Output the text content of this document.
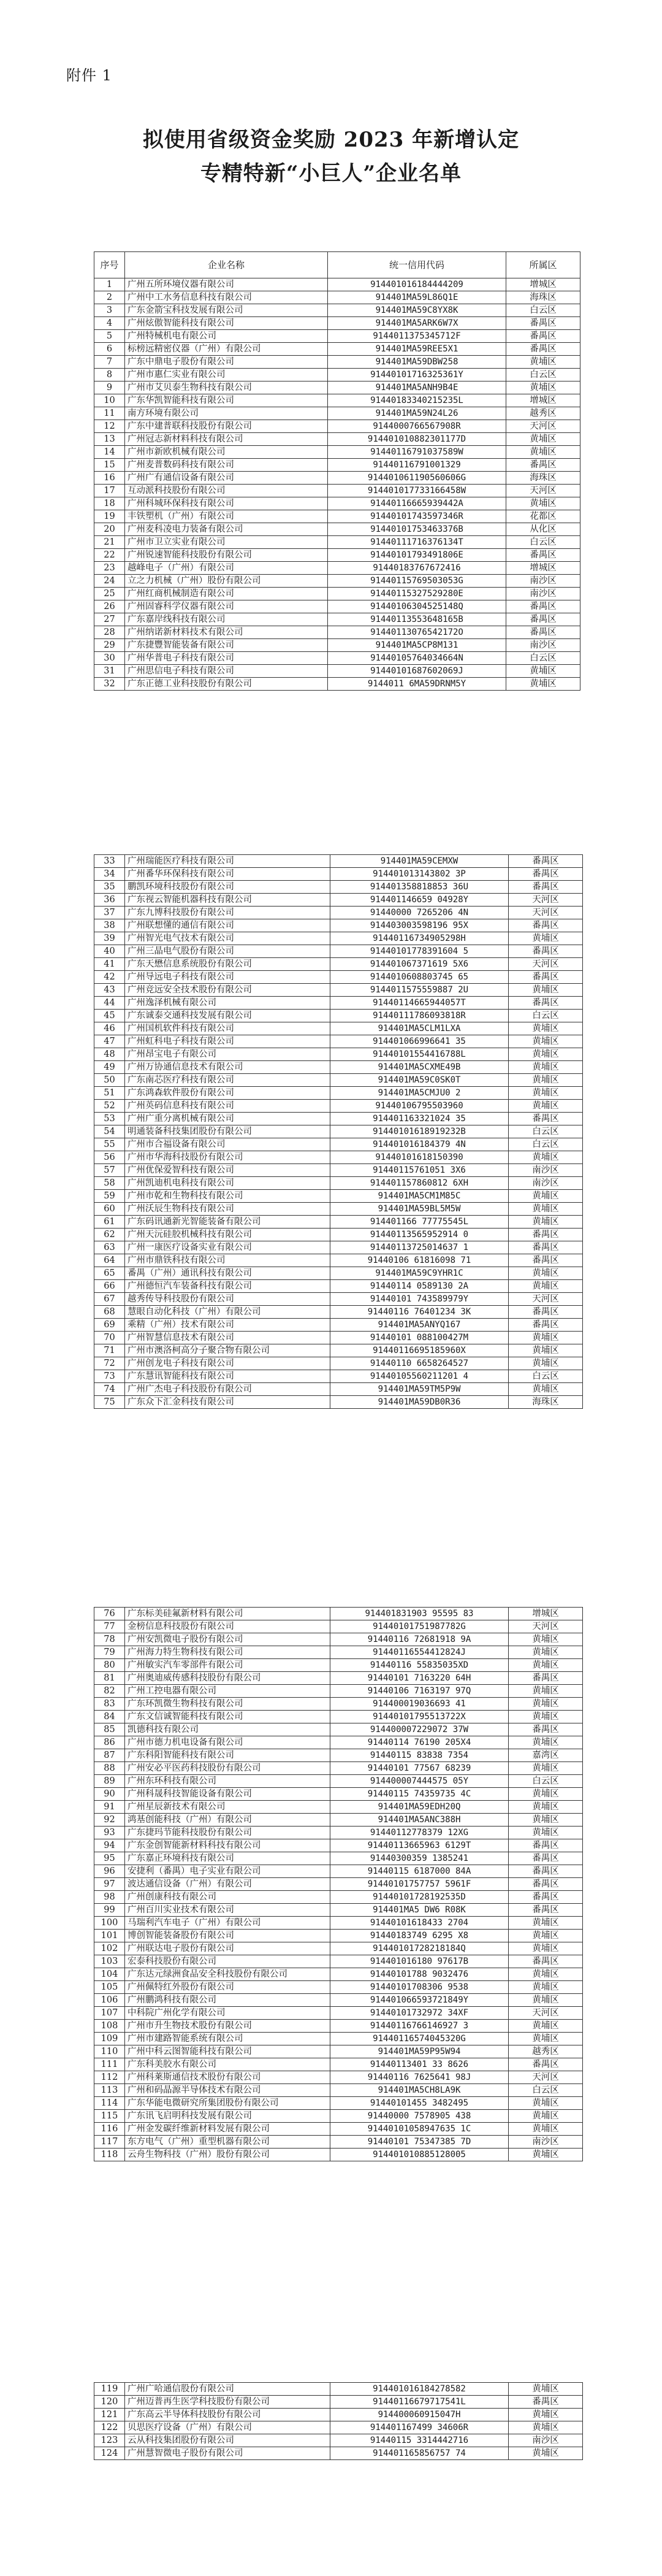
附件 1
拟使用省级资金奖励 2023 年新增认定
专精特新“小巨人”企业名单
序号	企业名称	统一信用代码	所属区
1	广州五所环境仪器有限公司	914401016184444209	增城区
2	广州中工水务信息科技有限公司	914401MA59L86Q1E	海珠区
3	广东金箭宝科技发展有限公司	914401MA59C8YX8K	白云区
4	广州炫傲智能科技有限公司	914401MA5ARK6W7X	番禺区
5	广州特械机电有限公司	9144011375345712F	番禺区
6	标榜远精密仪器（广州）有限公司	914401MA59REE5X1	番禺区
7	广东中鼎电子股份有限公司	914401MA59DBW258	黄埔区
8	广州市惠仁实业有限公司	91440101716325361Y	白云区
9	广州市艾贝泰生物科技有限公司	914401MA5ANH9B4E	黄埔区
10	广东华凯智能科技有限公司	91440183340215235L	增城区
11	南方环境有限公司	914401MA59N24L26	越秀区
12	广东中建普联科技股份有限公司	9144000766567908R	天河区
13	广州冠志新材料科技有限公司	914401010882301177D	黄埔区
14	广州市新欧机械有限公司	91440116791037589W	黄埔区
15	广州麦普数码科技有限公司	91440116791001329	番禺区
16	广州广有通信设备有限公司	914401061190560606G	海珠区
17	互动派科技股份有限公司	914401017733166458W	天河区
18	广州科城环保科技有限公司	91440116665939442A	黄埔区
19	丰铁塑机（广州）有限公司	91440101743597346R	花都区
20	广州麦科凌电力装备有限公司	91440101753463376B	从化区
21	广州市卫立实业有限公司	91440111716376134T	白云区
22	广州锐速智能科技股份有限公司	91440101793491806E	番禺区
23	越峰电子（广州）有限公司	91440183767672416	增城区
24	立之力机械（广州）股份有限公司	91440115769503053G	南沙区
25	广州红商机械制造有限公司	91440115327529280E	南沙区
26	广州固睿科学仪器有限公司	91440106304525148Q	番禺区
27	广东嘉岸线科技有限公司	91440113553648165B	番禺区
28	广州纳诺新材料技术有限公司	91440113076542172O	番禺区
29	广东捷豐智能装备有限公司	914401MA5CP8M131	南沙区
30	广州华普电子科技有限公司	91440105764034664N	白云区
31	广州思信电子科技有限公司	91440101687602069J	黄埔区
32	广东正德工业科技股份有限公司	9144011 6MA59DRNM5Y	黄埔区
33	广州瑞能医疗科技有限公司	914401MA59CEMXW	番禺区
34	广州番华环保科技有限公司	914401013143802 3P	番禺区
35	鹏凯环境科技股份有限公司	914401358818853 36U	番禺区
36	广东视云智能机器科技有限公司	914401146659 04928Y	天河区
37	广东九博科技股份有限公司	91440000 7265206 4N	天河区
38	广州联想懂的通信有限公司	914403003598196 95X	番禺区
39	广州智光电气技术有限公司	91440116734905298H	黄埔区
40	广州三晶电气股份有限公司	91440101778391604 5	番禺区
41	广东天懋信息系统股份有限公司	914401067371619 5X6	天河区
42	广州导远电子科技有限公司	9144010608803745 65	番禺区
43	广州竞远安全技术股份有限公司	9144011575559887 2U	黄埔区
44	广州逸泽机械有限公司	91440114665944057T	番禺区
45	广东诚泰交通科技发展有限公司	91440111786093818R	白云区
46	广州国机软件科技有限公司	914401MA5CLM1LXA	黄埔区
47	广州虹科电子科技有限公司	914401066996641 35	黄埔区
48	广州昂宝电子有限公司	91440101554416788L	黄埔区
49	广州万协通信息技术有限公司	914401MA5CXME49B	黄埔区
50	广东南芯医疗科技有限公司	914401MA59C0SK0T	黄埔区
51	广东鸿森软件股份有限公司	914401MA5CMJU0 2	黄埔区
52	广州英码信息科技有限公司	91440106795503960	黄埔区
53	广州广重分离机械有限公司	914401163321024 35	番禺区
54	明通装备科技集团股份有限公司	91440101618919232B	白云区
55	广州市合福设备有限公司	914401016184379 4N	白云区
56	广州市华海科技股份有限公司	91440101618150390	黄埔区
57	广州优保爱智科技有限公司	91440115761051 3X6	南沙区
58	广州凯迪机电科技有限公司	914401157860812 6XH	南沙区
59	广州市乾和生物科技有限公司	914401MA5CM1M85C	黄埔区
60	广州沃辰生物科技有限公司	914401MA59BL5M5W	黄埔区
61	广东码讯通新光智能装备有限公司	914401166 77775545L	黄埔区
62	广州天沅硅胶机械科技有限公司	91440113565952914 0	番禺区
63	广州一康医疗设备实业有限公司	91440113725014637 1	番禺区
64	广州市鼎铁科技有限公司	91440106 61816098 71	番禺区
65	番禺（广州）通讯科技有限公司	914401MA59C9YHR1C	黄埔区
66	广州德恒汽车装备科技有限公司	91440114 0589130 2A	黄埔区
67	越秀传导科技股份有限公司	91440101 743589979Y	天河区
68	慧眼自动化科技（广州）有限公司	91440116 76401234 3K	番禺区
69	乘精（广州）技术有限公司	914401MA5ANYQ167	番禺区
70	广州智慧信息技术有限公司	91440101 088100427M	黄埔区
71	广州市澳洛柯高分子聚合物有限公司	91440116695185960X	黄埔区
72	广州创龙电子科技有限公司	91440110 6658264527	黄埔区
73	广东慧讯智能科技有限公司	91440105560211201 4	白云区
74	广州广杰电子科技股份有限公司	914401MA59TM5P9W	黄埔区
75	广东众下汇金科技有限公司	914401MA59DB0R36	海珠区
76	广东标美硅氟新材料有限公司	914401831903 95595 83	增城区
77	金榜信息科技股份有限公司	91440101751987782G	天河区
78	广州安凯微电子股份有限公司	91440116 72681918 9A	黄埔区
79	广州海力特生物科技有限公司	91440116554412824J	黄埔区
80	广州敏实汽车零部件有限公司	91440116 55835035XD	黄埔区
81	广州奥迪威传感科技股份有限公司	91440101 7163220 64H	番禺区
82	广州工控电器有限公司	91440106 7163197 97Q	黄埔区
83	广东环凯微生物科技有限公司	914400019036693 41	黄埔区
84	广东文信诚智能科技有限公司	91440101795513722X	黄埔区
85	凯德科技有限公司	914400007229072 37W	番禺区
86	广州市德力机电设备有限公司	91440114 76190 205X4	黄埔区
87	广东科阳智能科技有限公司	91440115 83838 7354	嘉湾区
88	广州安必平医药科技股份有限公司	91440101 77567 68239	黄埔区
89	广州东环科技有限公司	914400007444575 05Y	白云区
90	广州科晟科技智能设备有限公司	91440115 74359735 4C	黄埔区
91	广州星辰新技术有限公司	914401MA59EDH20Q	黄埔区
92	鸿基创能科技（广州）有限公司	914401MA5ANC388H	黄埔区
93	广东捷玛节能科技股份有限公司	91440112778379 12XG	黄埔区
94	广东金创智能新材料科技有限公司	91440113665963 6129T	番禺区
95	广东嘉正环境科技有限公司	91440300359 1385241	番禺区
96	安捷利（番禺）电子实业有限公司	91440115 6187000 84A	番禺区
97	波达通信设备（广州）有限公司	91440101757757 5961F	番禺区
98	广州创康科技有限公司	91440101728192535D	番禺区
99	广州百川实业技术有限公司	914401MA5 DW6 R08K	番禺区
100	马瑞利汽车电子（广州）有限公司	91440101618433 2704	黄埔区
101	博创智能装备股份有限公司	91440183749 6295 X8	黄埔区
102	广州联达电子股份有限公司	91440101728218184Q	黄埔区
103	宏泰科技股份有限公司	914401016180 97617B	番禺区
104	广东达元绿洲食品安全科技股份有限公司	91440101788 9032476	黄埔区
105	广州佩特红外股份有限公司	91440101708306 9538	黄埔区
106	广州鹏鸿科技有限公司	914401066593721849Y	黄埔区
107	中科院广州化学有限公司	91440101732972 34XF	天河区
108	广州市升生物技术股份有限公司	91440116766146927 3	黄埔区
109	广州市建路智能系统有限公司	91440116574045320G	黄埔区
110	广州中科云图智能科技有限公司	914401MA59P95W94	越秀区
111	广东科美胶水有限公司	91440113401 33 8626	番禺区
112	广州科莱斯通信技术股份有限公司	91440116 7625641 98J	天河区
113	广州和码晶源半导体技术有限公司	914401MA5CH8LA9K	白云区
114	广东华能电微研究所集团股份有限公司	91440101455 3482495	黄埔区
115	广东讯飞启明科技发展有限公司	91440000 7578905 438	黄埔区
116	广州金发碳纤维新材料发展有限公司	91440101058947635 1C	黄埔区
117	东方电气（广州）重型机器有限公司	91440101 75347385 7D	南沙区
118	云舟生物科技（广州）股份有限公司	914401010885128005	黄埔区
119	广州广哈通信股份有限公司	914401016184278582	黄埔区
120	广州迈普再生医学科技股份有限公司	91440116679717541L	番禺区
121	广东高云半导体科技股份有限公司	914400060915047H	黄埔区
122	贝思医疗设备（广州）有限公司	914401167499 34606R	黄埔区
123	云从科技集团股份有限公司	91440115 3314442716	南沙区
124	广州慧智微电子股份有限公司	914401165856757 74	黄埔区
